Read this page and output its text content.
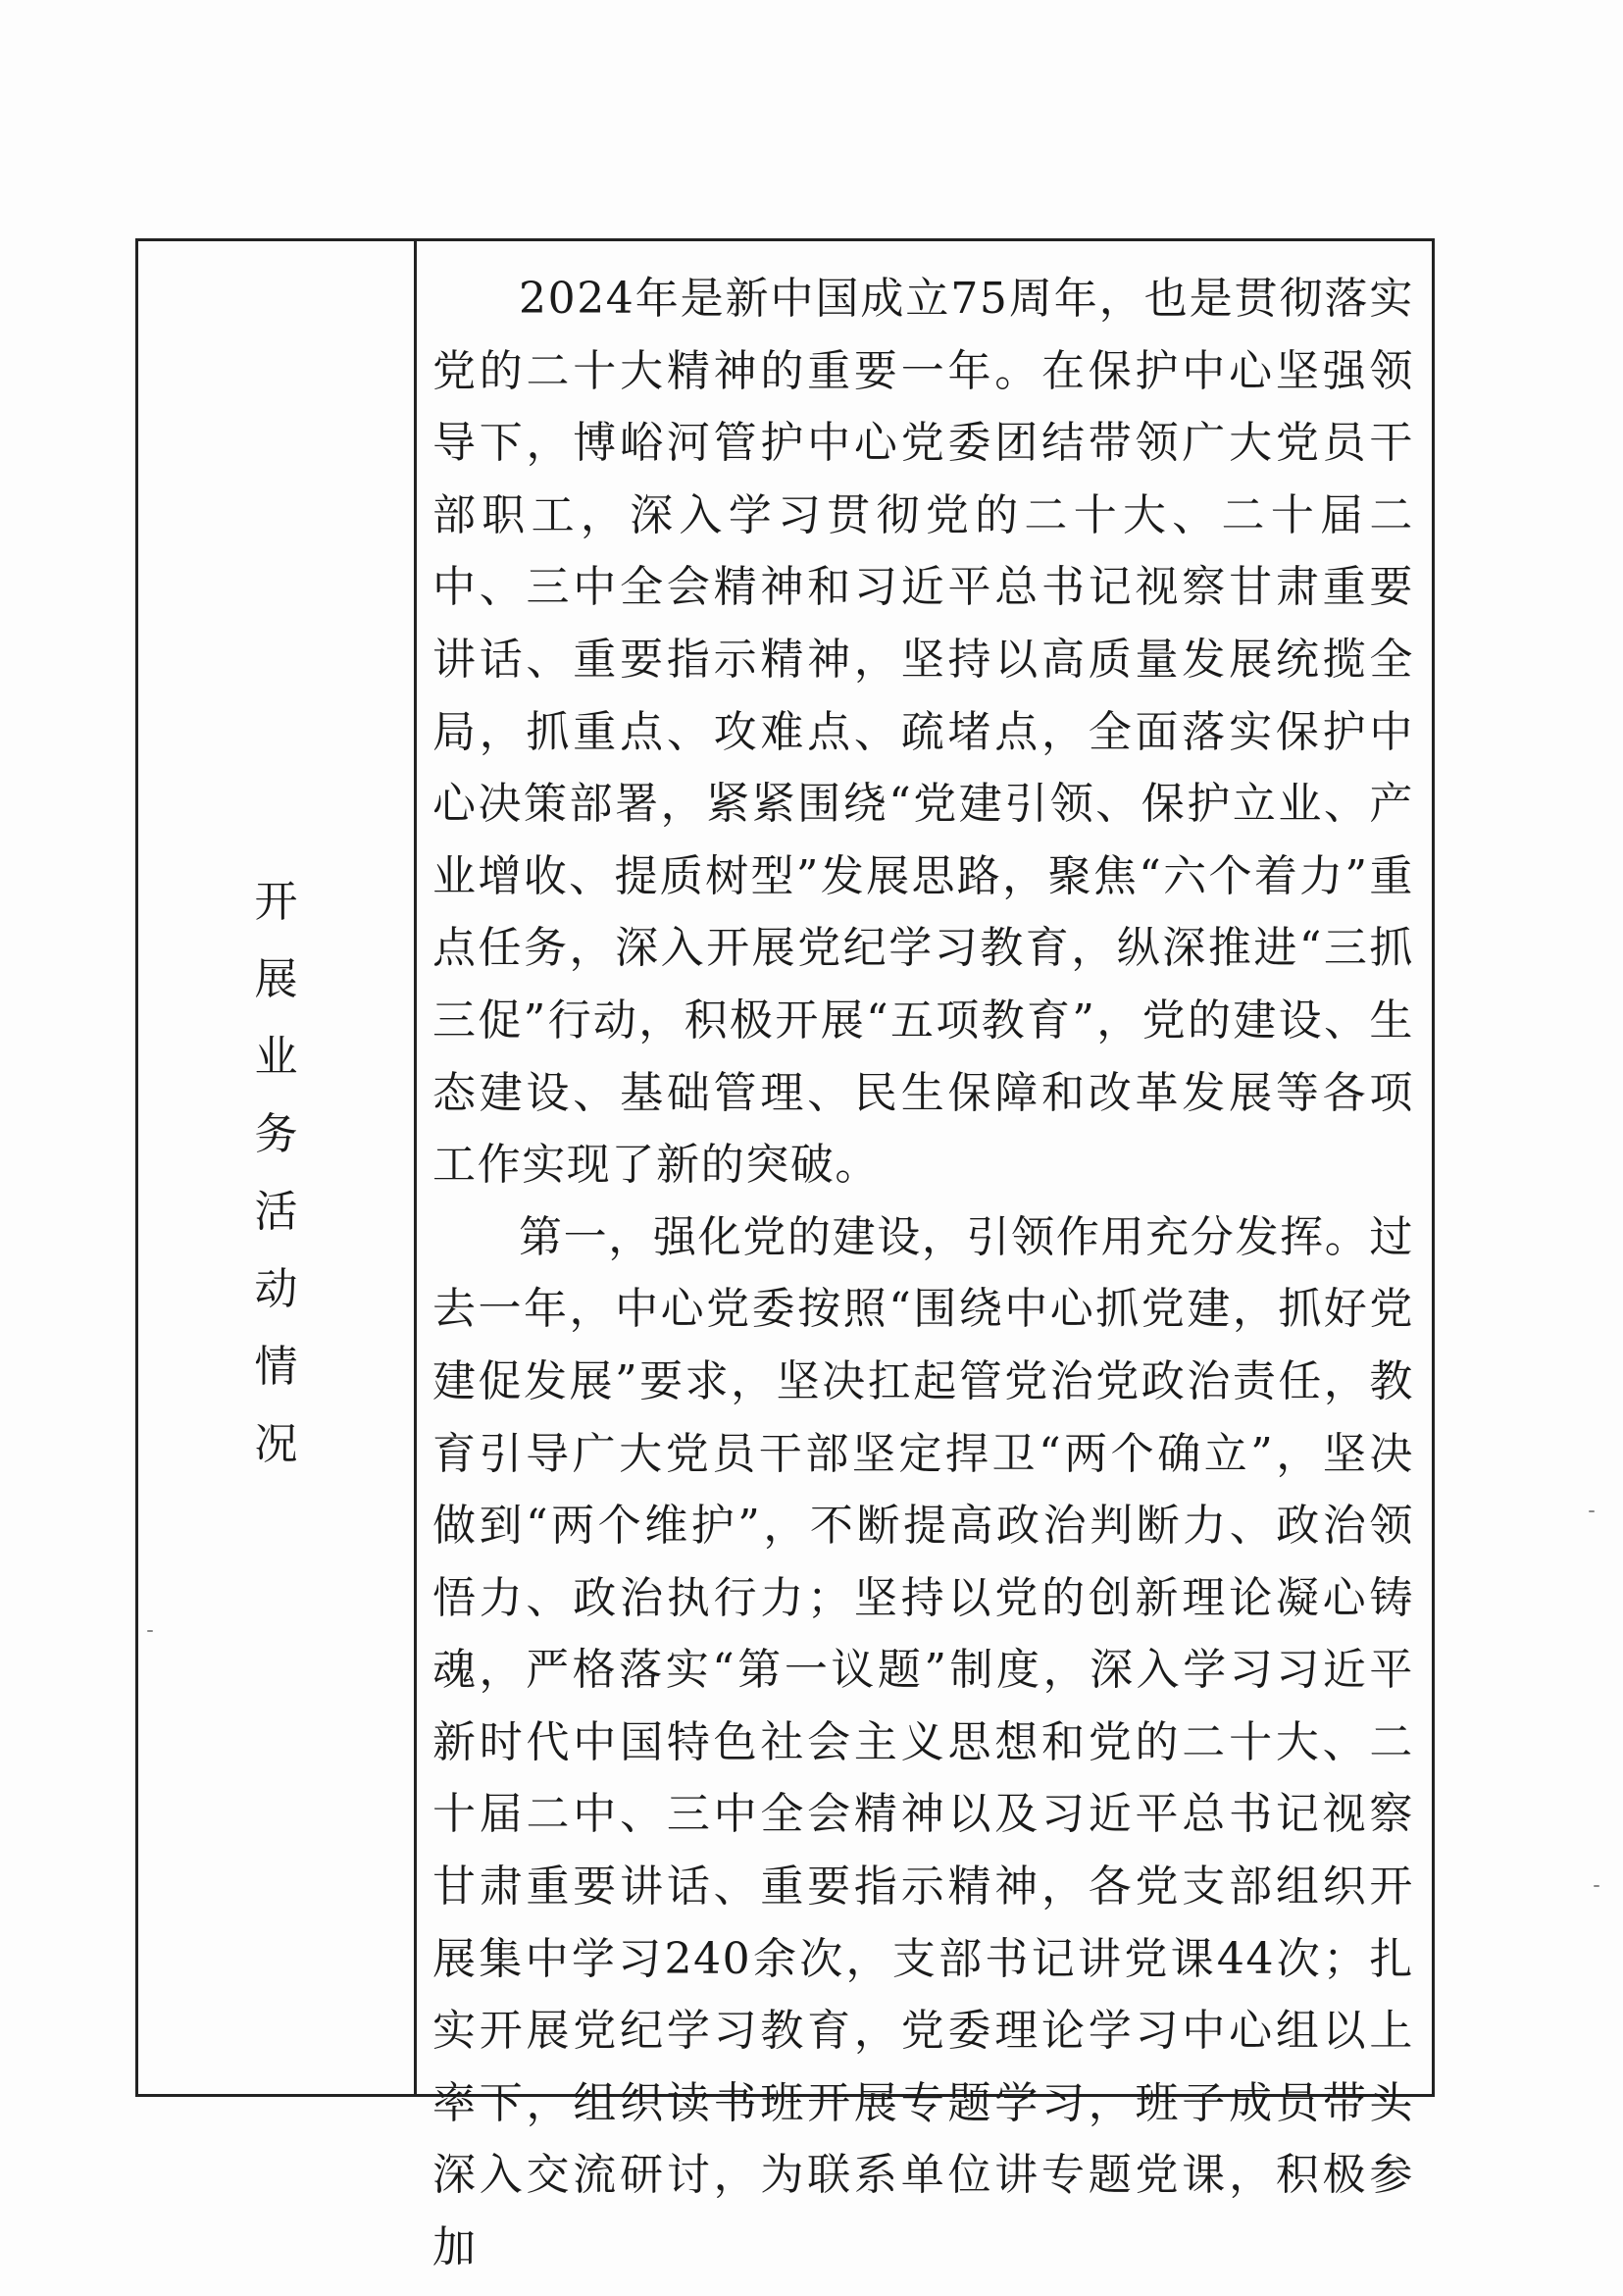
开
展
业
务
活
动
情
况

2024年是新中国成立75周年，也是贯彻落实党的二十大精神的重要一年。在保护中心坚强领导下，博峪河管护中心党委团结带领广大党员干部职工，深入学习贯彻党的二十大、二十届二中、三中全会精神和习近平总书记视察甘肃重要讲话、重要指示精神，坚持以高质量发展统揽全局，抓重点、攻难点、疏堵点，全面落实保护中心决策部署，紧紧围绕“党建引领、保护立业、产业增收、提质树型”发展思路，聚焦“六个着力”重点任务，深入开展党纪学习教育，纵深推进“三抓三促”行动，积极开展“五项教育”，党的建设、生态建设、基础管理、民生保障和改革发展等各项工作实现了新的突破。

第一，强化党的建设，引领作用充分发挥。过去一年，中心党委按照“围绕中心抓党建，抓好党建促发展”要求，坚决扛起管党治党政治责任，教育引导广大党员干部坚定捍卫“两个确立”，坚决做到“两个维护”，不断提高政治判断力、政治领悟力、政治执行力；坚持以党的创新理论凝心铸魂，严格落实“第一议题”制度，深入学习习近平新时代中国特色社会主义思想和党的二十大、二十届二中、三中全会精神以及习近平总书记视察甘肃重要讲话、重要指示精神，各党支部组织开展集中学习240余次，支部书记讲党课44次；扎实开展党纪学习教育，党委理论学习中心组以上率下，组织读书班开展专题学习，班子成员带头深入交流研讨，为联系单位讲专题党课，积极参加
